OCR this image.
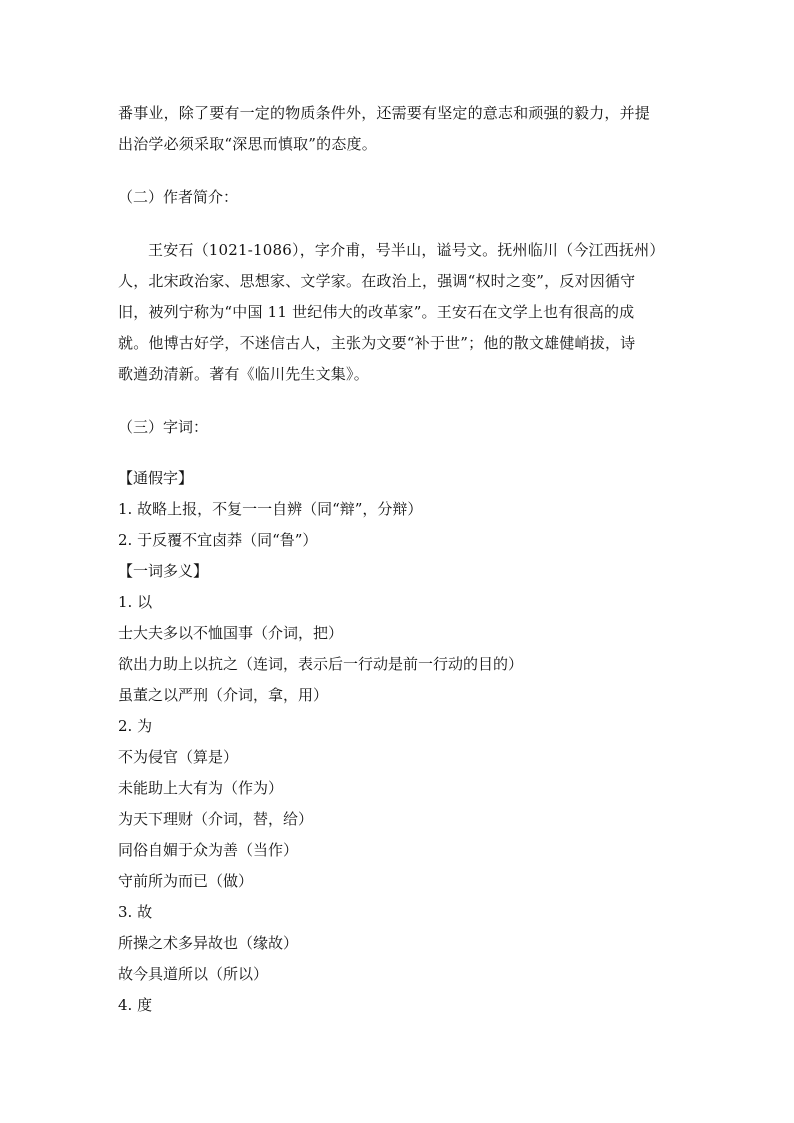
番事业，除了要有一定的物质条件外，还需要有坚定的意志和顽强的毅力，并提

出治学必须采取“深思而慎取”的态度。

（二）作者简介：

王安石（1021-1086），字介甫，号半山，谥号文。抚州临川（今江西抚州）

人，北宋政治家、思想家、文学家。在政治上，强调“权时之变”，反对因循守

旧，被列宁称为“中国 11 世纪伟大的改革家”。王安石在文学上也有很高的成

就。他博古好学，不迷信古人，主张为文要“补于世”；他的散文雄健峭拔，诗

歌遒劲清新。著有《临川先生文集》。

（三）字词：

【通假字】

1. 故略上报，不复一一自辨（同“辩”，分辩）

2. 于反覆不宜卤莽（同“鲁”）

【一词多义】

1. 以

士大夫多以不恤国事（介词，把）

欲出力助上以抗之（连词，表示后一行动是前一行动的目的）

虽董之以严刑（介词，拿，用）

2. 为

不为侵官（算是）

未能助上大有为（作为）

为天下理财（介词，替，给）

同俗自媚于众为善（当作）

守前所为而已（做）

3. 故

所操之术多异故也（缘故）

故今具道所以（所以）

4. 度
